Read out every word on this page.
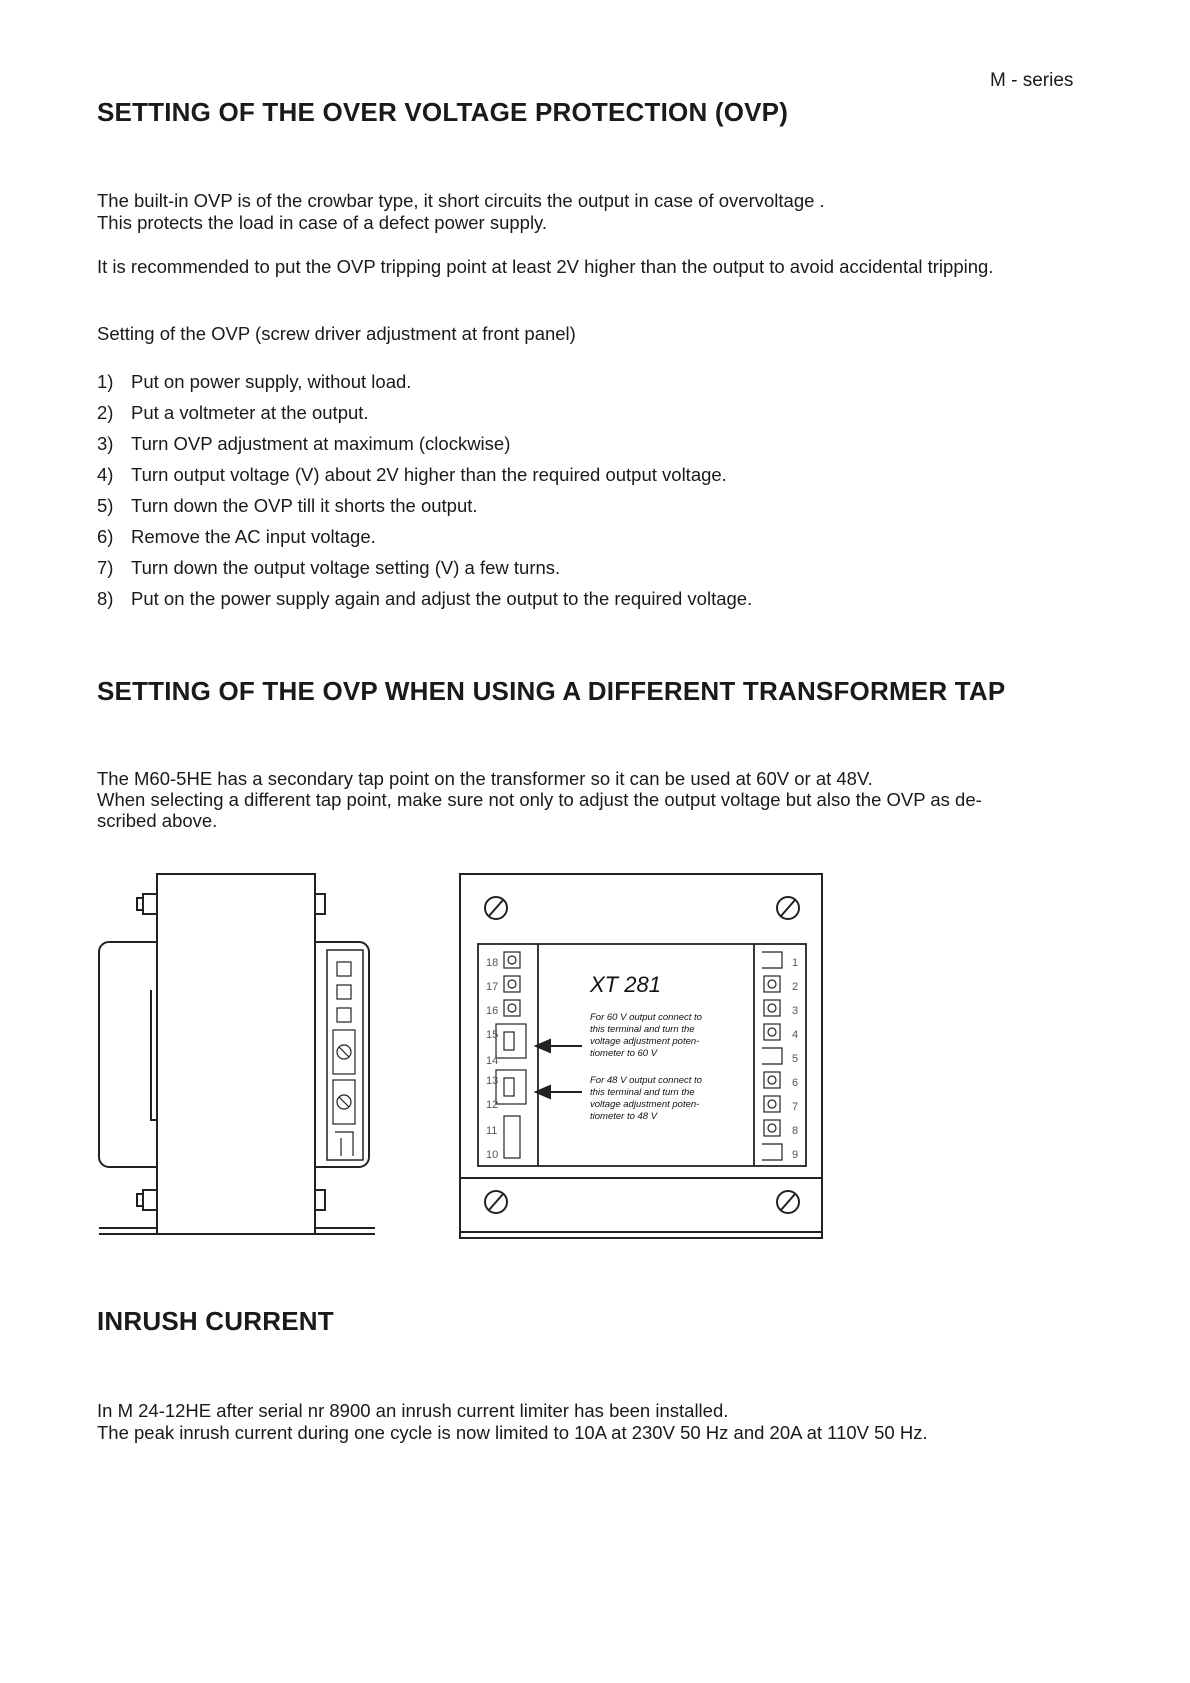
M - series
SETTING OF THE OVER VOLTAGE PROTECTION (OVP)

The built-in OVP is of the crowbar type, it short circuits the output in case of overvoltage .

This protects the load in case of a defect power supply.

It is recommended to put the OVP tripping point at least 2V higher than the output to avoid accidental tripping.

Setting of the OVP (screw driver adjustment at front panel)

1) Put on power supply, without load.
2) Put a voltmeter at the output.
3) Turn OVP adjustment at maximum (clockwise)
4) Turn output voltage (V) about 2V higher than the required output voltage.
5) Turn down the OVP till it shorts the output.
6) Remove the AC input voltage.
7) Turn down the output voltage setting (V) a few turns.
8) Put on the power supply again and adjust the output to the required voltage.
SETTING OF THE OVP WHEN USING A DIFFERENT TRANSFORMER TAP

The M60-5HE has a secondary tap point on the transformer so it can be used at 60V or at 48V.

When selecting a different tap point, make sure not only to adjust the output voltage but also the OVP as de-

scribed above.

18
17
16
15
14
13
12
11
10
1
2
3
4
5
6
7
8
9
XT 281
For 60 V output connect to
this terminal and turn the
voltage adjustment poten-
tiometer to 60 V
For 48 V output connect to
this terminal and turn the
voltage adjustment poten-
tiometer to 48 V
INRUSH CURRENT

In M 24-12HE after serial nr 8900 an inrush current limiter has been installed.

The peak inrush current during one cycle is now limited to 10A at 230V 50 Hz and 20A at 110V 50 Hz.
